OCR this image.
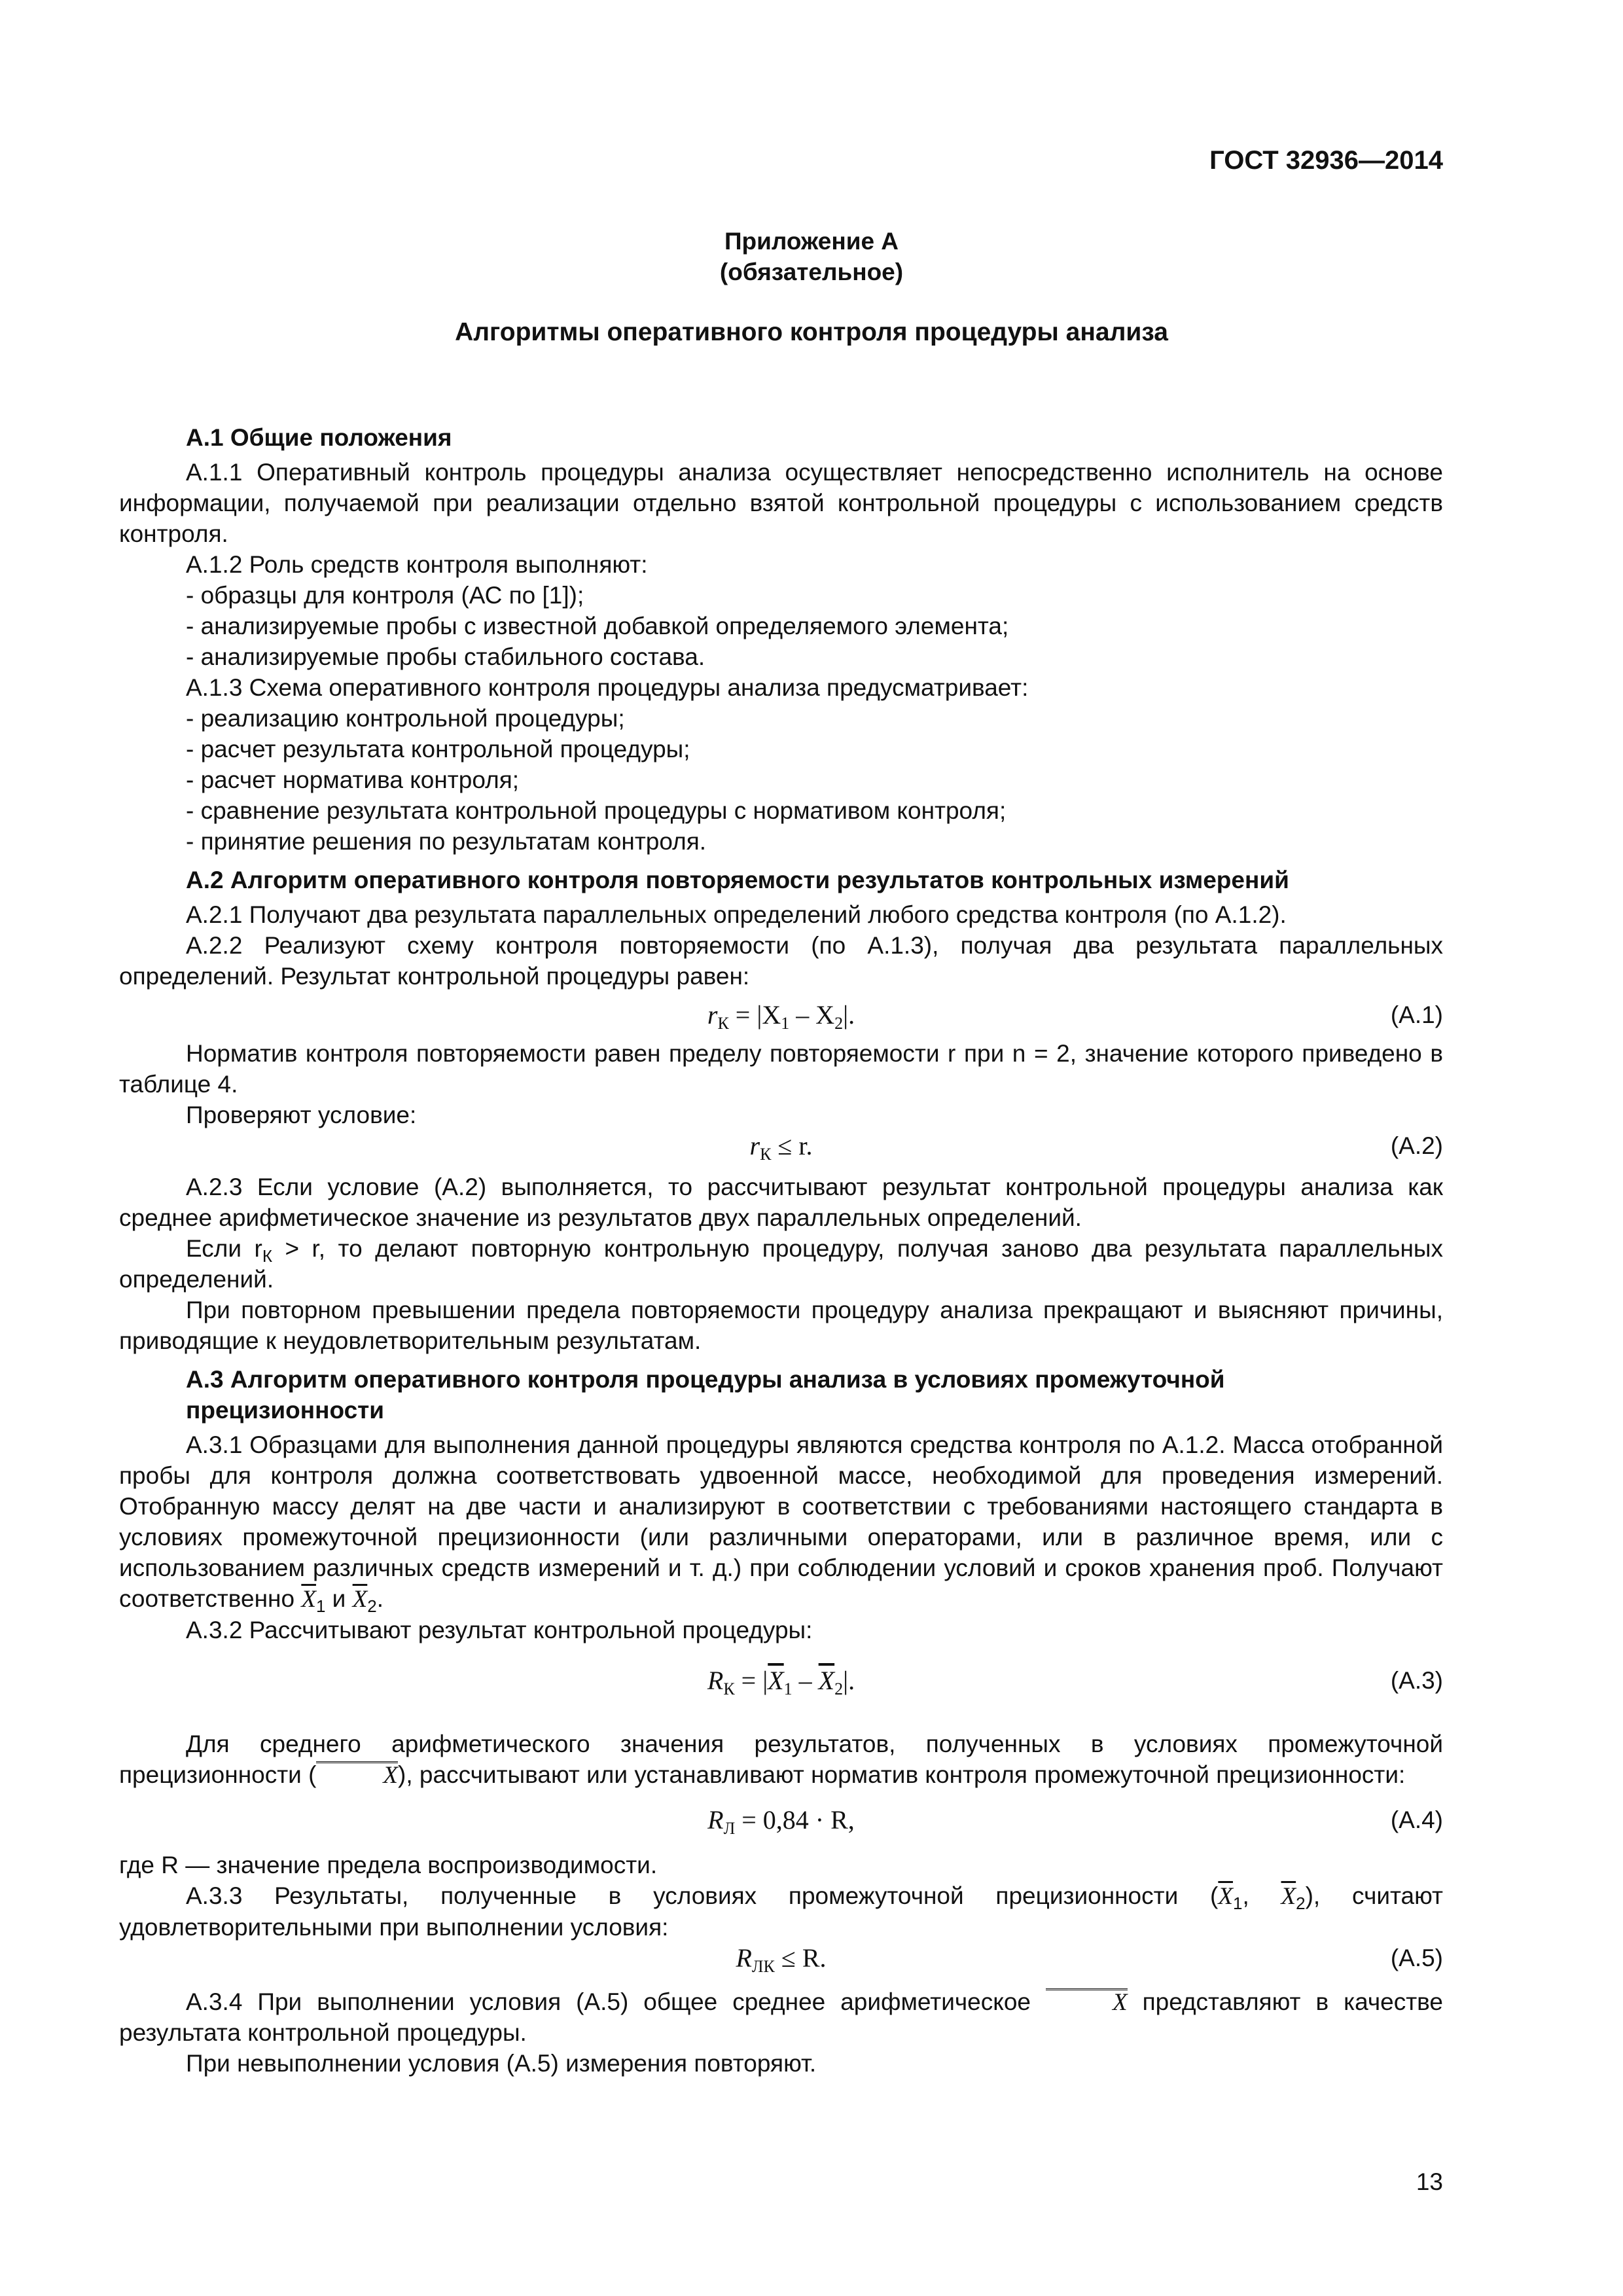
ГОСТ 32936—2014
Приложение А
(обязательное)
Алгоритмы оперативного контроля процедуры анализа

А.1 Общие положения

А.1.1 Оперативный контроль процедуры анализа осуществляет непосредственно исполнитель на основе информации, получаемой при реализации отдельно взятой контрольной процедуры с использованием средств контроля.

А.1.2 Роль средств контроля выполняют:

- образцы для контроля (АС по [1]);

- анализируемые пробы с известной добавкой определяемого элемента;

- анализируемые пробы стабильного состава.

А.1.3 Схема оперативного контроля процедуры анализа предусматривает:

- реализацию контрольной процедуры;

- расчет результата контрольной процедуры;

- расчет норматива контроля;

- сравнение результата контрольной процедуры с нормативом контроля;

- принятие решения по результатам контроля.

А.2 Алгоритм оперативного контроля повторяемости результатов контрольных измерений

А.2.1 Получают два результата параллельных определений любого средства контроля (по А.1.2).

А.2.2 Реализуют схему контроля повторяемости (по А.1.3), получая два результата параллельных определений. Результат контрольной процедуры равен:

$r_К = |X_1 - X_2|$.	(А.1)

Норматив контроля повторяемости равен пределу повторяемости r при n = 2, значение которого приведено в таблице 4.

Проверяют условие:

$r_К \le r$.	(А.2)

А.2.3 Если условие (А.2) выполняется, то рассчитывают результат контрольной процедуры анализа как среднее арифметическое значение из результатов двух параллельных определений.

Если $r_К > r$, то делают повторную контрольную процедуру, получая заново два результата параллельных определений.

При повторном превышении предела повторяемости процедуру анализа прекращают и выясняют причины, приводящие к неудовлетворительным результатам.

А.3 Алгоритм оперативного контроля процедуры анализа в условиях промежуточной прецизионности

А.3.1 Образцами для выполнения данной процедуры являются средства контроля по А.1.2. Масса отобранной пробы для контроля должна соответствовать удвоенной массе, необходимой для проведения измерений. Отобранную массу делят на две части и анализируют в соответствии с требованиями настоящего стандарта в условиях промежуточной прецизионности (или различными операторами, или в различное время, или с использованием различных средств измерений и т. д.) при соблюдении условий и сроков хранения проб. Получают соответственно $\overline{X}_1$ и $\overline{X}_2$.

А.3.2 Рассчитывают результат контрольной процедуры:

$R_К = |\overline{X}_1 - \overline{X}_2|$.	(А.3)

Для среднего арифметического значения результатов, полученных в условиях промежуточной прецизионности (	X), рассчитывают или устанавливают норматив контроля промежуточной прецизионности:

$R_Л = 0,84 \cdot R$,	(А.4)

где R — значение предела воспроизводимости.

А.3.3 Результаты, полученные в условиях промежуточной прецизионности ($\overline{X}_1$, $\overline{X}_2$), считают удовлетворительными при выполнении условия:

$R_{ЛК} \le R$.	(А.5)

А.3.4 При выполнении условия (А.5) общее среднее арифметическое	X представляют в качестве результата контрольной процедуры.

При невыполнении условия (А.5) измерения повторяют.

13
